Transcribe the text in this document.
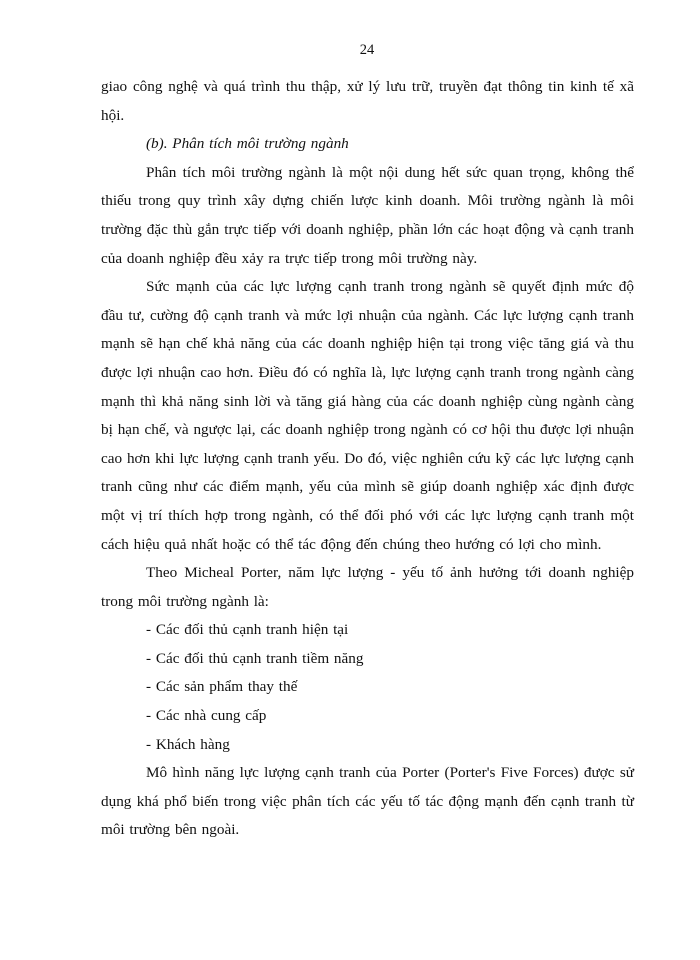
24

giao công nghệ và quá trình thu thập, xử lý lưu trữ, truyền đạt thông tin kinh tế xã hội.

(b). Phân tích môi trường ngành

Phân tích môi trường ngành là một nội dung hết sức quan trọng, không thể thiếu trong quy trình xây dựng chiến lược kinh doanh. Môi trường ngành là môi trường đặc thù gắn trực tiếp với doanh nghiệp, phần lớn các hoạt động và cạnh tranh của doanh nghiệp đều xảy ra trực tiếp trong môi trường này.

Sức mạnh của các lực lượng cạnh tranh trong ngành sẽ quyết định mức độ đầu tư, cường độ cạnh tranh và mức lợi nhuận của ngành. Các lực lượng cạnh tranh mạnh sẽ hạn chế khả năng của các doanh nghiệp hiện tại trong việc tăng giá và thu được lợi nhuận cao hơn. Điều đó có nghĩa là, lực lượng cạnh tranh trong ngành càng mạnh thì khả năng sinh lời và tăng giá hàng của các doanh nghiệp cùng ngành càng bị hạn chế, và ngược lại, các doanh nghiệp trong ngành có cơ hội thu được lợi nhuận cao hơn khi lực lượng cạnh tranh yếu. Do đó, việc nghiên cứu kỹ các lực lượng cạnh tranh cũng như các điểm mạnh, yếu của mình sẽ giúp doanh nghiệp xác định được một vị trí thích hợp trong ngành, có thể đối phó với các lực lượng cạnh tranh một cách hiệu quả nhất hoặc có thể tác động đến chúng theo hướng có lợi cho mình.

Theo Micheal Porter, năm lực lượng - yếu tố ảnh hưởng tới doanh nghiệp trong môi trường ngành là:

- Các đối thủ cạnh tranh hiện tại

- Các đối thủ cạnh tranh tiềm năng

- Các sản phẩm thay thế

- Các nhà cung cấp

- Khách hàng

Mô hình năng lực lượng cạnh tranh của Porter (Porter's Five Forces) được sử dụng khá phổ biến trong việc phân tích các yếu tố tác động mạnh đến cạnh tranh từ môi trường bên ngoài.
